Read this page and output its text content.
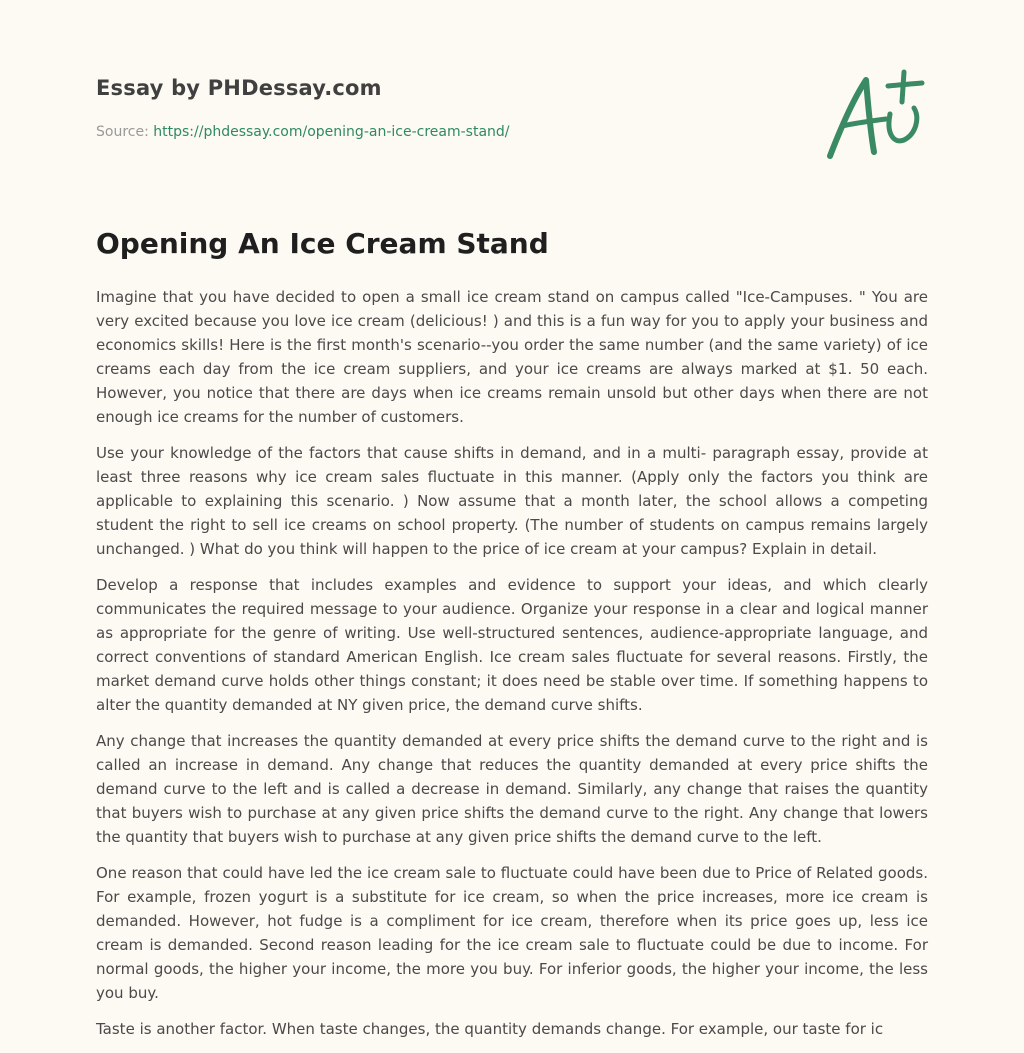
Essay by PHDessay.com
Source: https://phdessay.com/opening-an-ice-cream-stand/
Opening An Ice Cream Stand

Imagine that you have decided to open a small ice cream stand on campus called "Ice-Campuses. " You are very excited because you love ice cream (delicious! ) and this is a fun way for you to apply your business and economics skills! Here is the first month's scenario--you order the same number (and the same variety) of ice creams each day from the ice cream suppliers, and your ice creams are always marked at $1. 50 each. However, you notice that there are days when ice creams remain unsold but other days when there are not enough ice creams for the number of customers.

Use your knowledge of the factors that cause shifts in demand, and in a multi- paragraph essay, provide at least three reasons why ice cream sales fluctuate in this manner. (Apply only the factors you think are applicable to explaining this scenario. ) Now assume that a month later, the school allows a competing student the right to sell ice creams on school property. (The number of students on campus remains largely unchanged. ) What do you think will happen to the price of ice cream at your campus? Explain in detail.

Develop a response that includes examples and evidence to support your ideas, and which clearly communicates the required message to your audience. Organize your response in a clear and logical manner as appropriate for the genre of writing. Use well-structured sentences, audience-appropriate language, and correct conventions of standard American English. Ice cream sales fluctuate for several reasons. Firstly, the market demand curve holds other things constant; it does need be stable over time. If something happens to alter the quantity demanded at NY given price, the demand curve shifts.

Any change that increases the quantity demanded at every price shifts the demand curve to the right and is called an increase in demand. Any change that reduces the quantity demanded at every price shifts the demand curve to the left and is called a decrease in demand. Similarly, any change that raises the quantity that buyers wish to purchase at any given price shifts the demand curve to the right. Any change that lowers the quantity that buyers wish to purchase at any given price shifts the demand curve to the left.

One reason that could have led the ice cream sale to fluctuate could have been due to Price of Related goods. For example, frozen yogurt is a substitute for ice cream, so when the price increases, more ice cream is demanded. However, hot fudge is a compliment for ice cream, therefore when its price goes up, less ice cream is demanded. Second reason leading for the ice cream sale to fluctuate could be due to income. For normal goods, the higher your income, the more you buy. For inferior goods, the higher your income, the less you buy.

Taste is another factor. When taste changes, the quantity demands change. For example, our taste for ic
